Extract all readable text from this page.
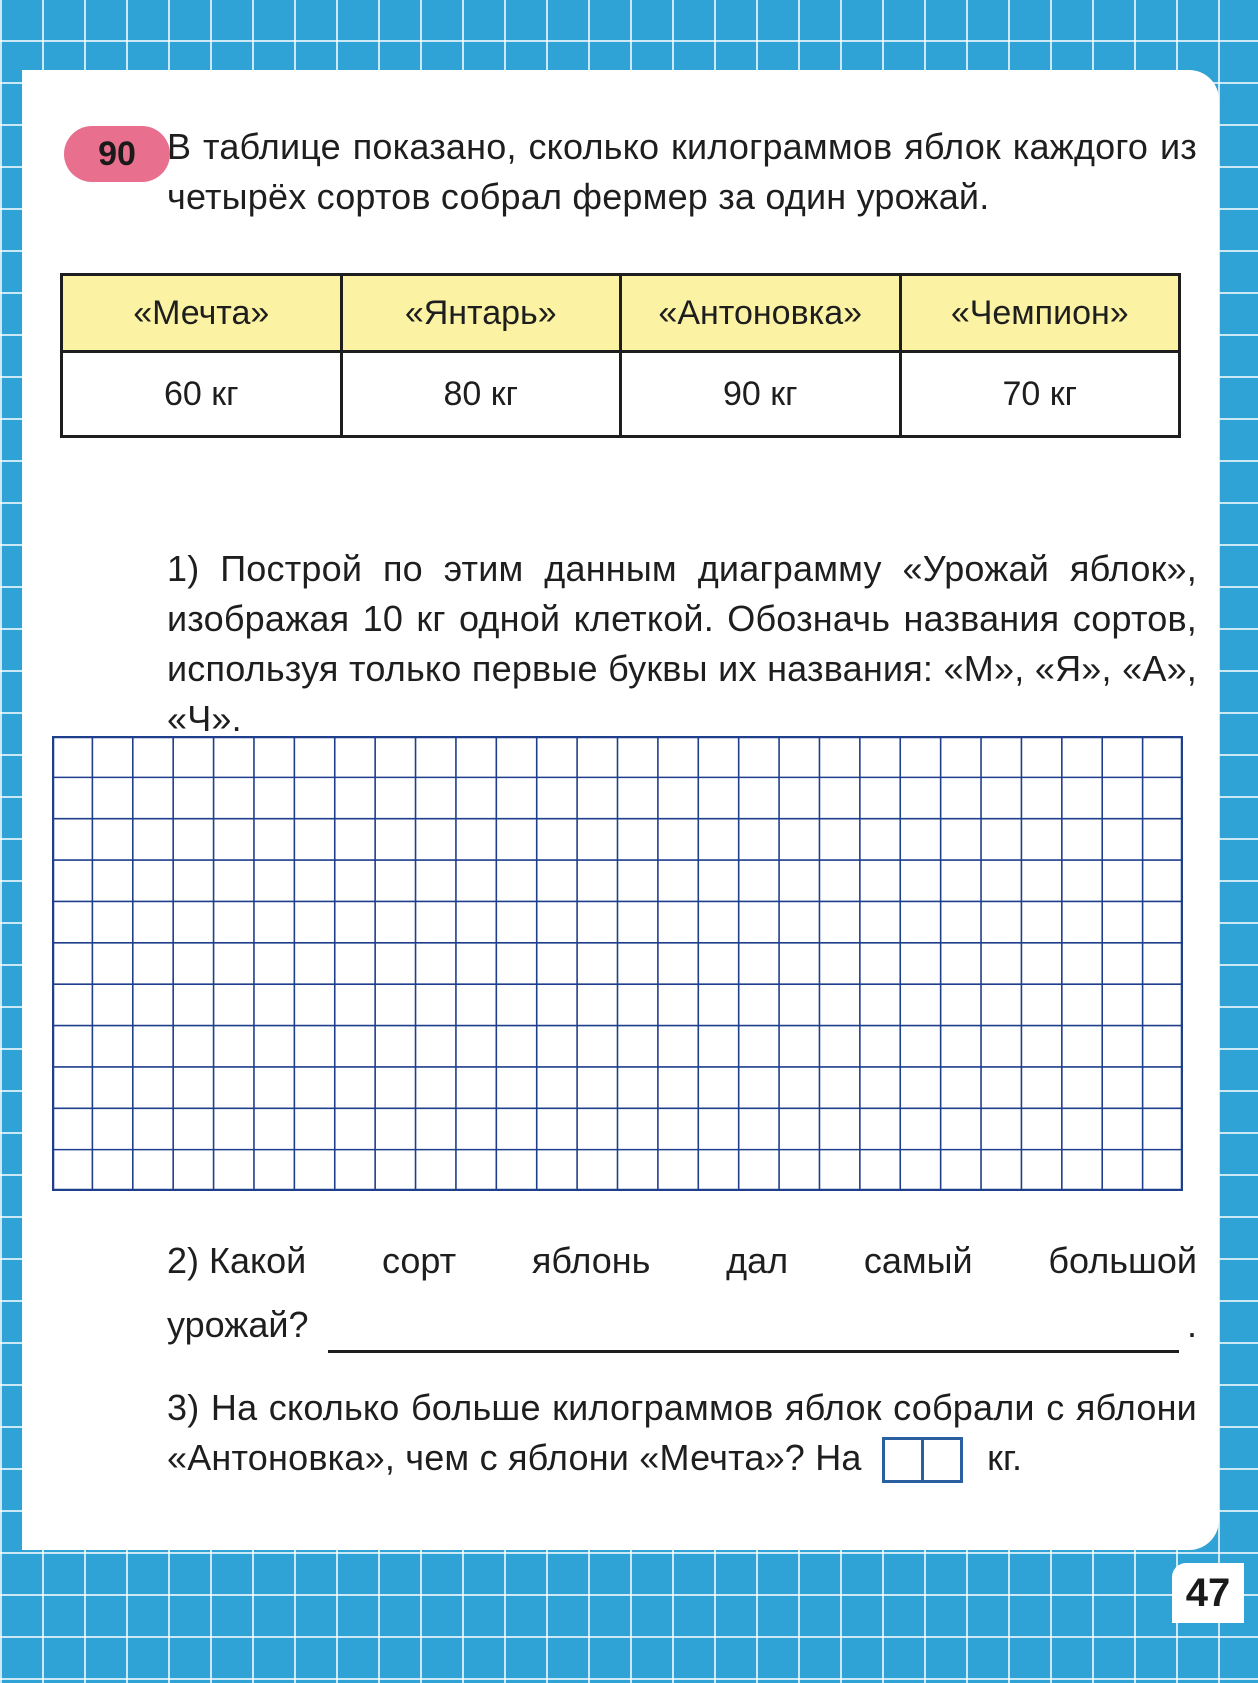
90 В таблице показано, сколько килограммов яблок каждого из четырёх сортов собрал фермер за один урожай.

«Мечта»	«Янтарь»	«Антоновка»	«Чемпион»
60 кг	80 кг	90 кг	70 кг

1) Построй по этим данным диаграмму «Урожай яблок», изображая 10 кг одной клеткой. Обозначь названия сортов, используя только первые буквы их названия: «М», «Я», «А», «Ч».

2) Какой сорт яблонь дал самый большой
урожай?	.

3) На сколько больше килограммов яблок собрали с яблони «Антоновка», чем с яблони «Мечта»? На	кг.

47
